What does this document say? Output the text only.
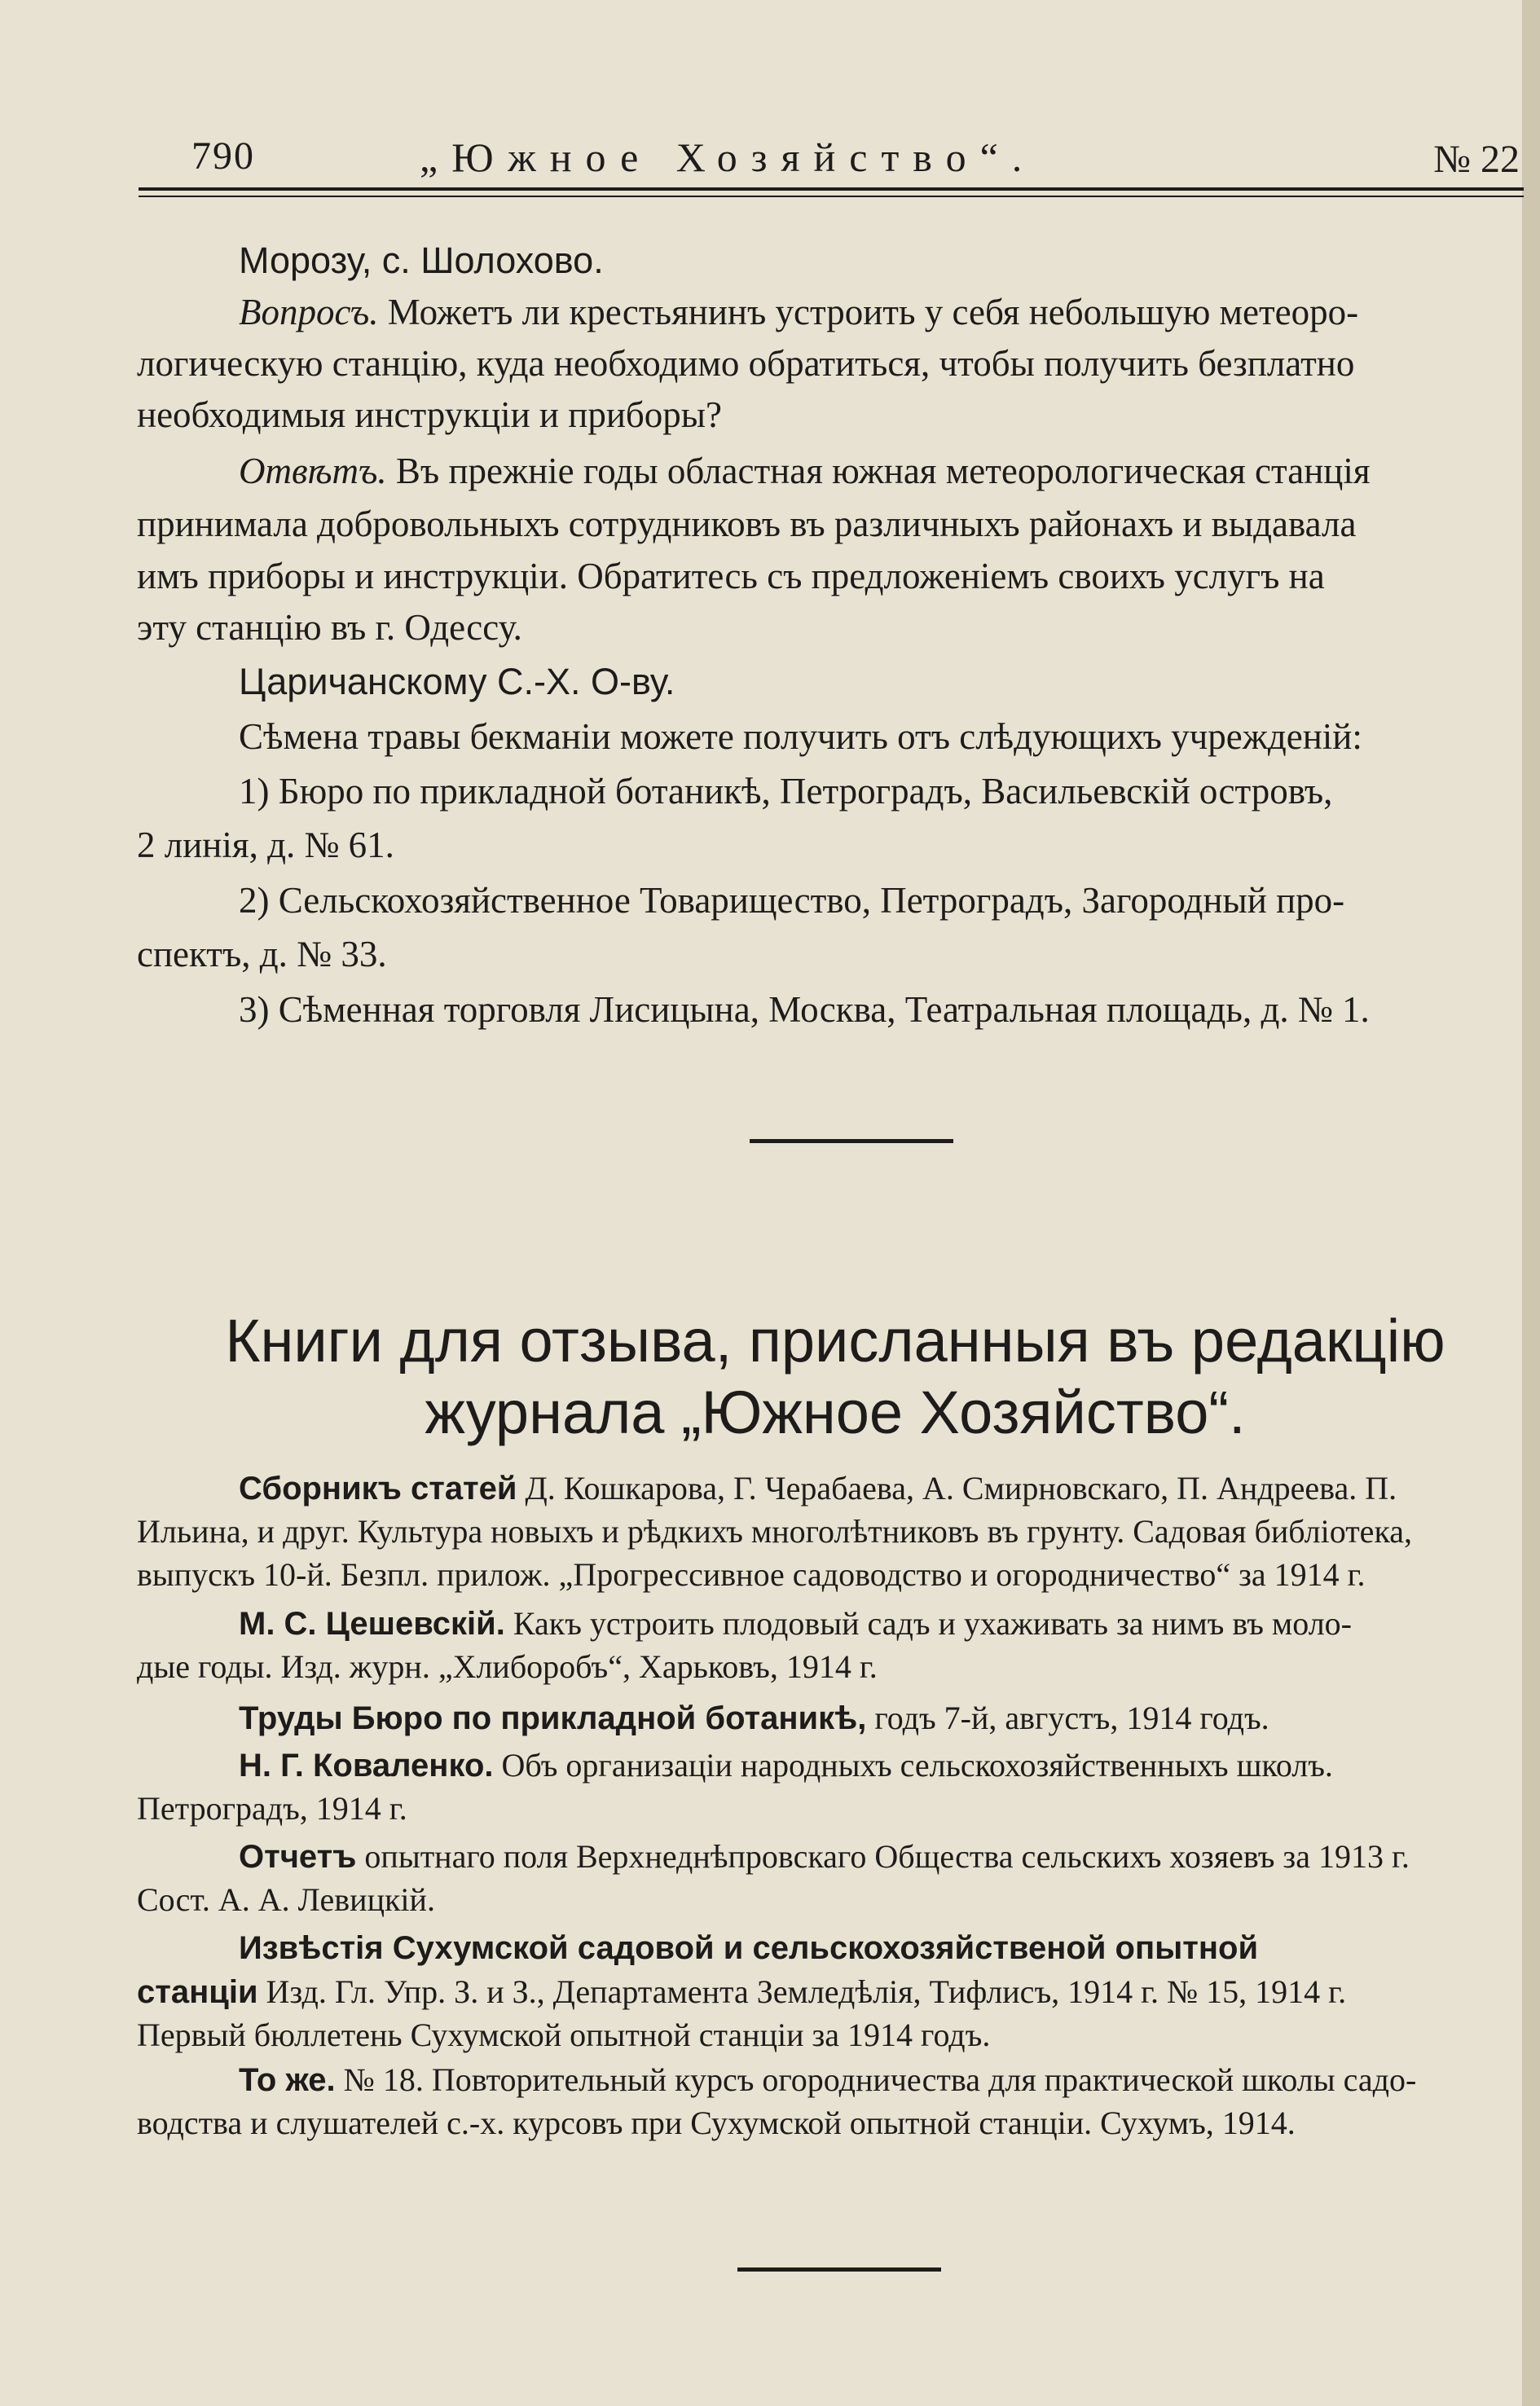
790	„Южное Хозяйство“.	№ 22
Морозу, с. Шолохово.
Вопросъ. Можетъ ли крестьянинъ устроить у себя небольшую метеоро-
логическую станцію, куда необходимо обратиться, чтобы получить безплатно
необходимыя инструкціи и приборы?
Отвѣтъ. Въ прежніе годы областная южная метеорологическая станція
принимала добровольныхъ сотрудниковъ въ различныхъ районахъ и выдавала
имъ приборы и инструкціи. Обратитесь съ предложеніемъ своихъ услугъ на
эту станцію въ г. Одессу.
Царичанскому С.-Х. О-ву.
Сѣмена травы бекманіи можете получить отъ слѣдующихъ учрежденій:
1) Бюро по прикладной ботаникѣ, Петроградъ, Васильевскій островъ,
2 линія, д. № 61.
2) Сельскохозяйственное Товарищество, Петроградъ, Загородный про-
спектъ, д. № 33.
3) Сѣменная торговля Лисицына, Москва, Театральная площадь, д. № 1.
Книги для отзыва, присланныя въ редакцію
журнала „Южное Хозяйство“.
Сборникъ статей Д. Кошкарова, Г. Черабаева, А. Смирновскаго, П. Андреева. П.
Ильина, и друг. Культура новыхъ и рѣдкихъ многолѣтниковъ въ грунту. Садовая библіотека,
выпускъ 10-й. Безпл. прилож. „Прогрессивное садоводство и огородничество“ за 1914 г.
М. С. Цешевскій. Какъ устроить плодовый садъ и ухаживать за нимъ въ моло-
дые годы. Изд. журн. „Хлиборобъ“, Харьковъ, 1914 г.
Труды Бюро по прикладной ботаникѣ, годъ 7-й, августъ, 1914 годъ.
Н. Г. Коваленко. Объ организаціи народныхъ сельскохозяйственныхъ школъ.
Петроградъ, 1914 г.
Отчетъ опытнаго поля Верхнеднѣпровскаго Общества сельскихъ хозяевъ за 1913 г.
Сост. А. А. Левицкій.
Извѣстія Сухумской садовой и сельскохозяйственой опытной
станціи Изд. Гл. Упр. З. и З., Департамента Земледѣлія, Тифлисъ, 1914 г. № 15, 1914 г.
Первый бюллетень Сухумской опытной станціи за 1914 годъ.
То же. № 18. Повторительный курсъ огородничества для практической школы садо-
водства и слушателей с.-х. курсовъ при Сухумской опытной станціи. Сухумъ, 1914.
